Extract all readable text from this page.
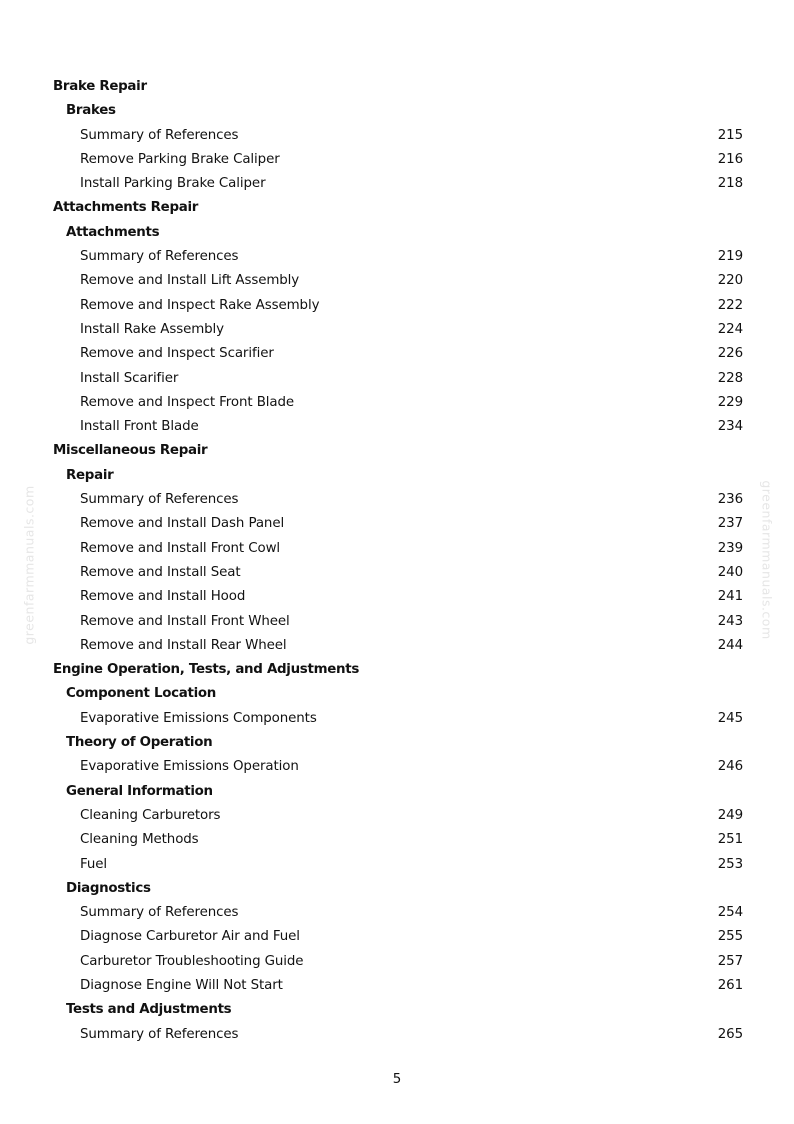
greenfarmmanuals.com	greenfarmmanuals.com
Brake Repair
Brakes
Summary of References	215
Remove Parking Brake Caliper	216
Install Parking Brake Caliper	218
Attachments Repair
Attachments
Summary of References	219
Remove and Install Lift Assembly	220
Remove and Inspect Rake Assembly	222
Install Rake Assembly	224
Remove and Inspect Scarifier	226
Install Scarifier	228
Remove and Inspect Front Blade	229
Install Front Blade	234
Miscellaneous Repair
Repair
Summary of References	236
Remove and Install Dash Panel	237
Remove and Install Front Cowl	239
Remove and Install Seat	240
Remove and Install Hood	241
Remove and Install Front Wheel	243
Remove and Install Rear Wheel	244
Engine Operation, Tests, and Adjustments
Component Location
Evaporative Emissions Components	245
Theory of Operation
Evaporative Emissions Operation	246
General Information
Cleaning Carburetors	249
Cleaning Methods	251
Fuel	253
Diagnostics
Summary of References	254
Diagnose Carburetor Air and Fuel	255
Carburetor Troubleshooting Guide	257
Diagnose Engine Will Not Start	261
Tests and Adjustments
Summary of References	265
5
